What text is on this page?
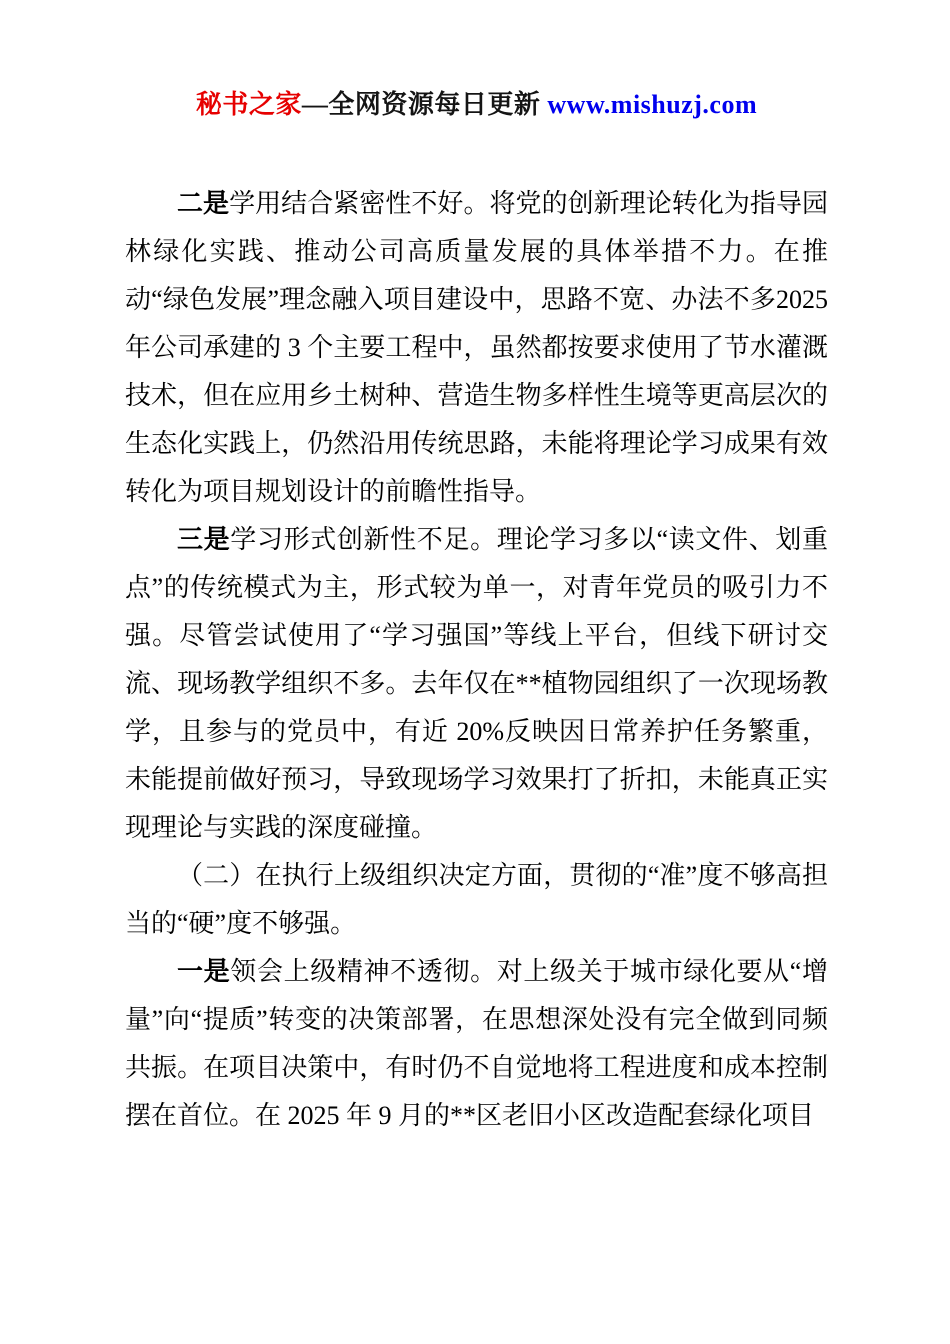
秘书之家—全网资源每日更新 www.mishuzj.com

二是学用结合紧密性不好。将党的创新理论转化为指导园林绿化实践、推动公司高质量发展的具体举措不力。在推动“绿色发展”理念融入项目建设中，思路不宽、办法不多2025 年公司承建的 3 个主要工程中，虽然都按要求使用了节水灌溉技术，但在应用乡土树种、营造生物多样性生境等更高层次的生态化实践上，仍然沿用传统思路，未能将理论学习成果有效转化为项目规划设计的前瞻性指导。

三是学习形式创新性不足。理论学习多以“读文件、划重点”的传统模式为主，形式较为单一，对青年党员的吸引力不强。尽管尝试使用了“学习强国”等线上平台，但线下研讨交流、现场教学组织不多。去年仅在**植物园组织了一次现场教学，且参与的党员中，有近 20%反映因日常养护任务繁重，未能提前做好预习，导致现场学习效果打了折扣，未能真正实现理论与实践的深度碰撞。

（二）在执行上级组织决定方面，贯彻的“准”度不够高担当的“硬”度不够强。

一是领会上级精神不透彻。对上级关于城市绿化要从“增量”向“提质”转变的决策部署，在思想深处没有完全做到同频共振。在项目决策中，有时仍不自觉地将工程进度和成本控制摆在首位。在 2025 年 9 月的**区老旧小区改造配套绿化项目
